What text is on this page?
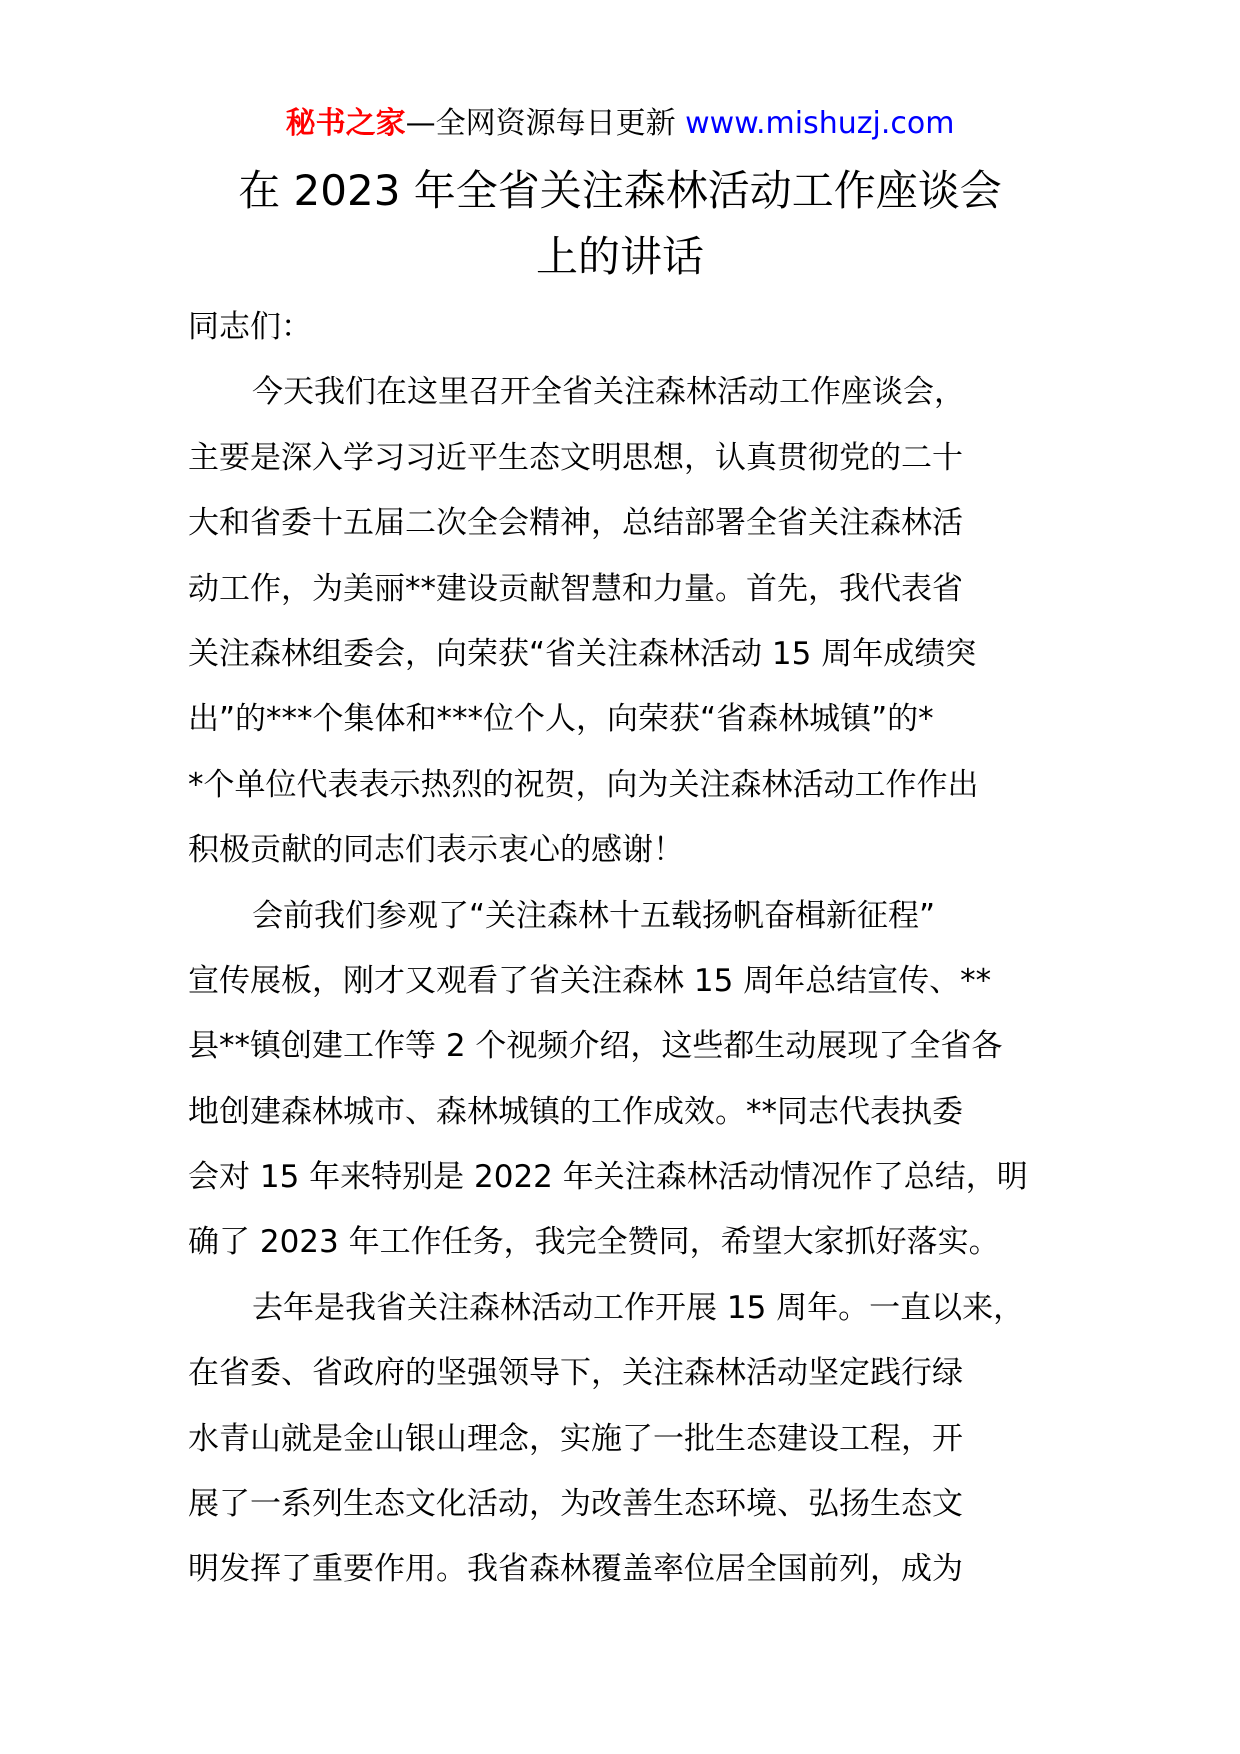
秘书之家—全网资源每日更新 www.mishuzj.com
在 2023 年全省关注森林活动工作座谈会
上的讲话
同志们：
今天我们在这里召开全省关注森林活动工作座谈会，
主要是深入学习习近平生态文明思想，认真贯彻党的二十
大和省委十五届二次全会精神，总结部署全省关注森林活
动工作，为美丽**建设贡献智慧和力量。首先，我代表省
关注森林组委会，向荣获“省关注森林活动 15 周年成绩突
出”的***个集体和***位个人，向荣获“省森林城镇”的*
*个单位代表表示热烈的祝贺，向为关注森林活动工作作出
积极贡献的同志们表示衷心的感谢！
会前我们参观了“关注森林十五载扬帆奋楫新征程”
宣传展板，刚才又观看了省关注森林 15 周年总结宣传、**
县**镇创建工作等 2 个视频介绍，这些都生动展现了全省各
地创建森林城市、森林城镇的工作成效。**同志代表执委
会对 15 年来特别是 2022 年关注森林活动情况作了总结，明
确了 2023 年工作任务，我完全赞同，希望大家抓好落实。
去年是我省关注森林活动工作开展 15 周年。一直以来，
在省委、省政府的坚强领导下，关注森林活动坚定践行绿
水青山就是金山银山理念，实施了一批生态建设工程，开
展了一系列生态文化活动，为改善生态环境、弘扬生态文
明发挥了重要作用。我省森林覆盖率位居全国前列，成为
